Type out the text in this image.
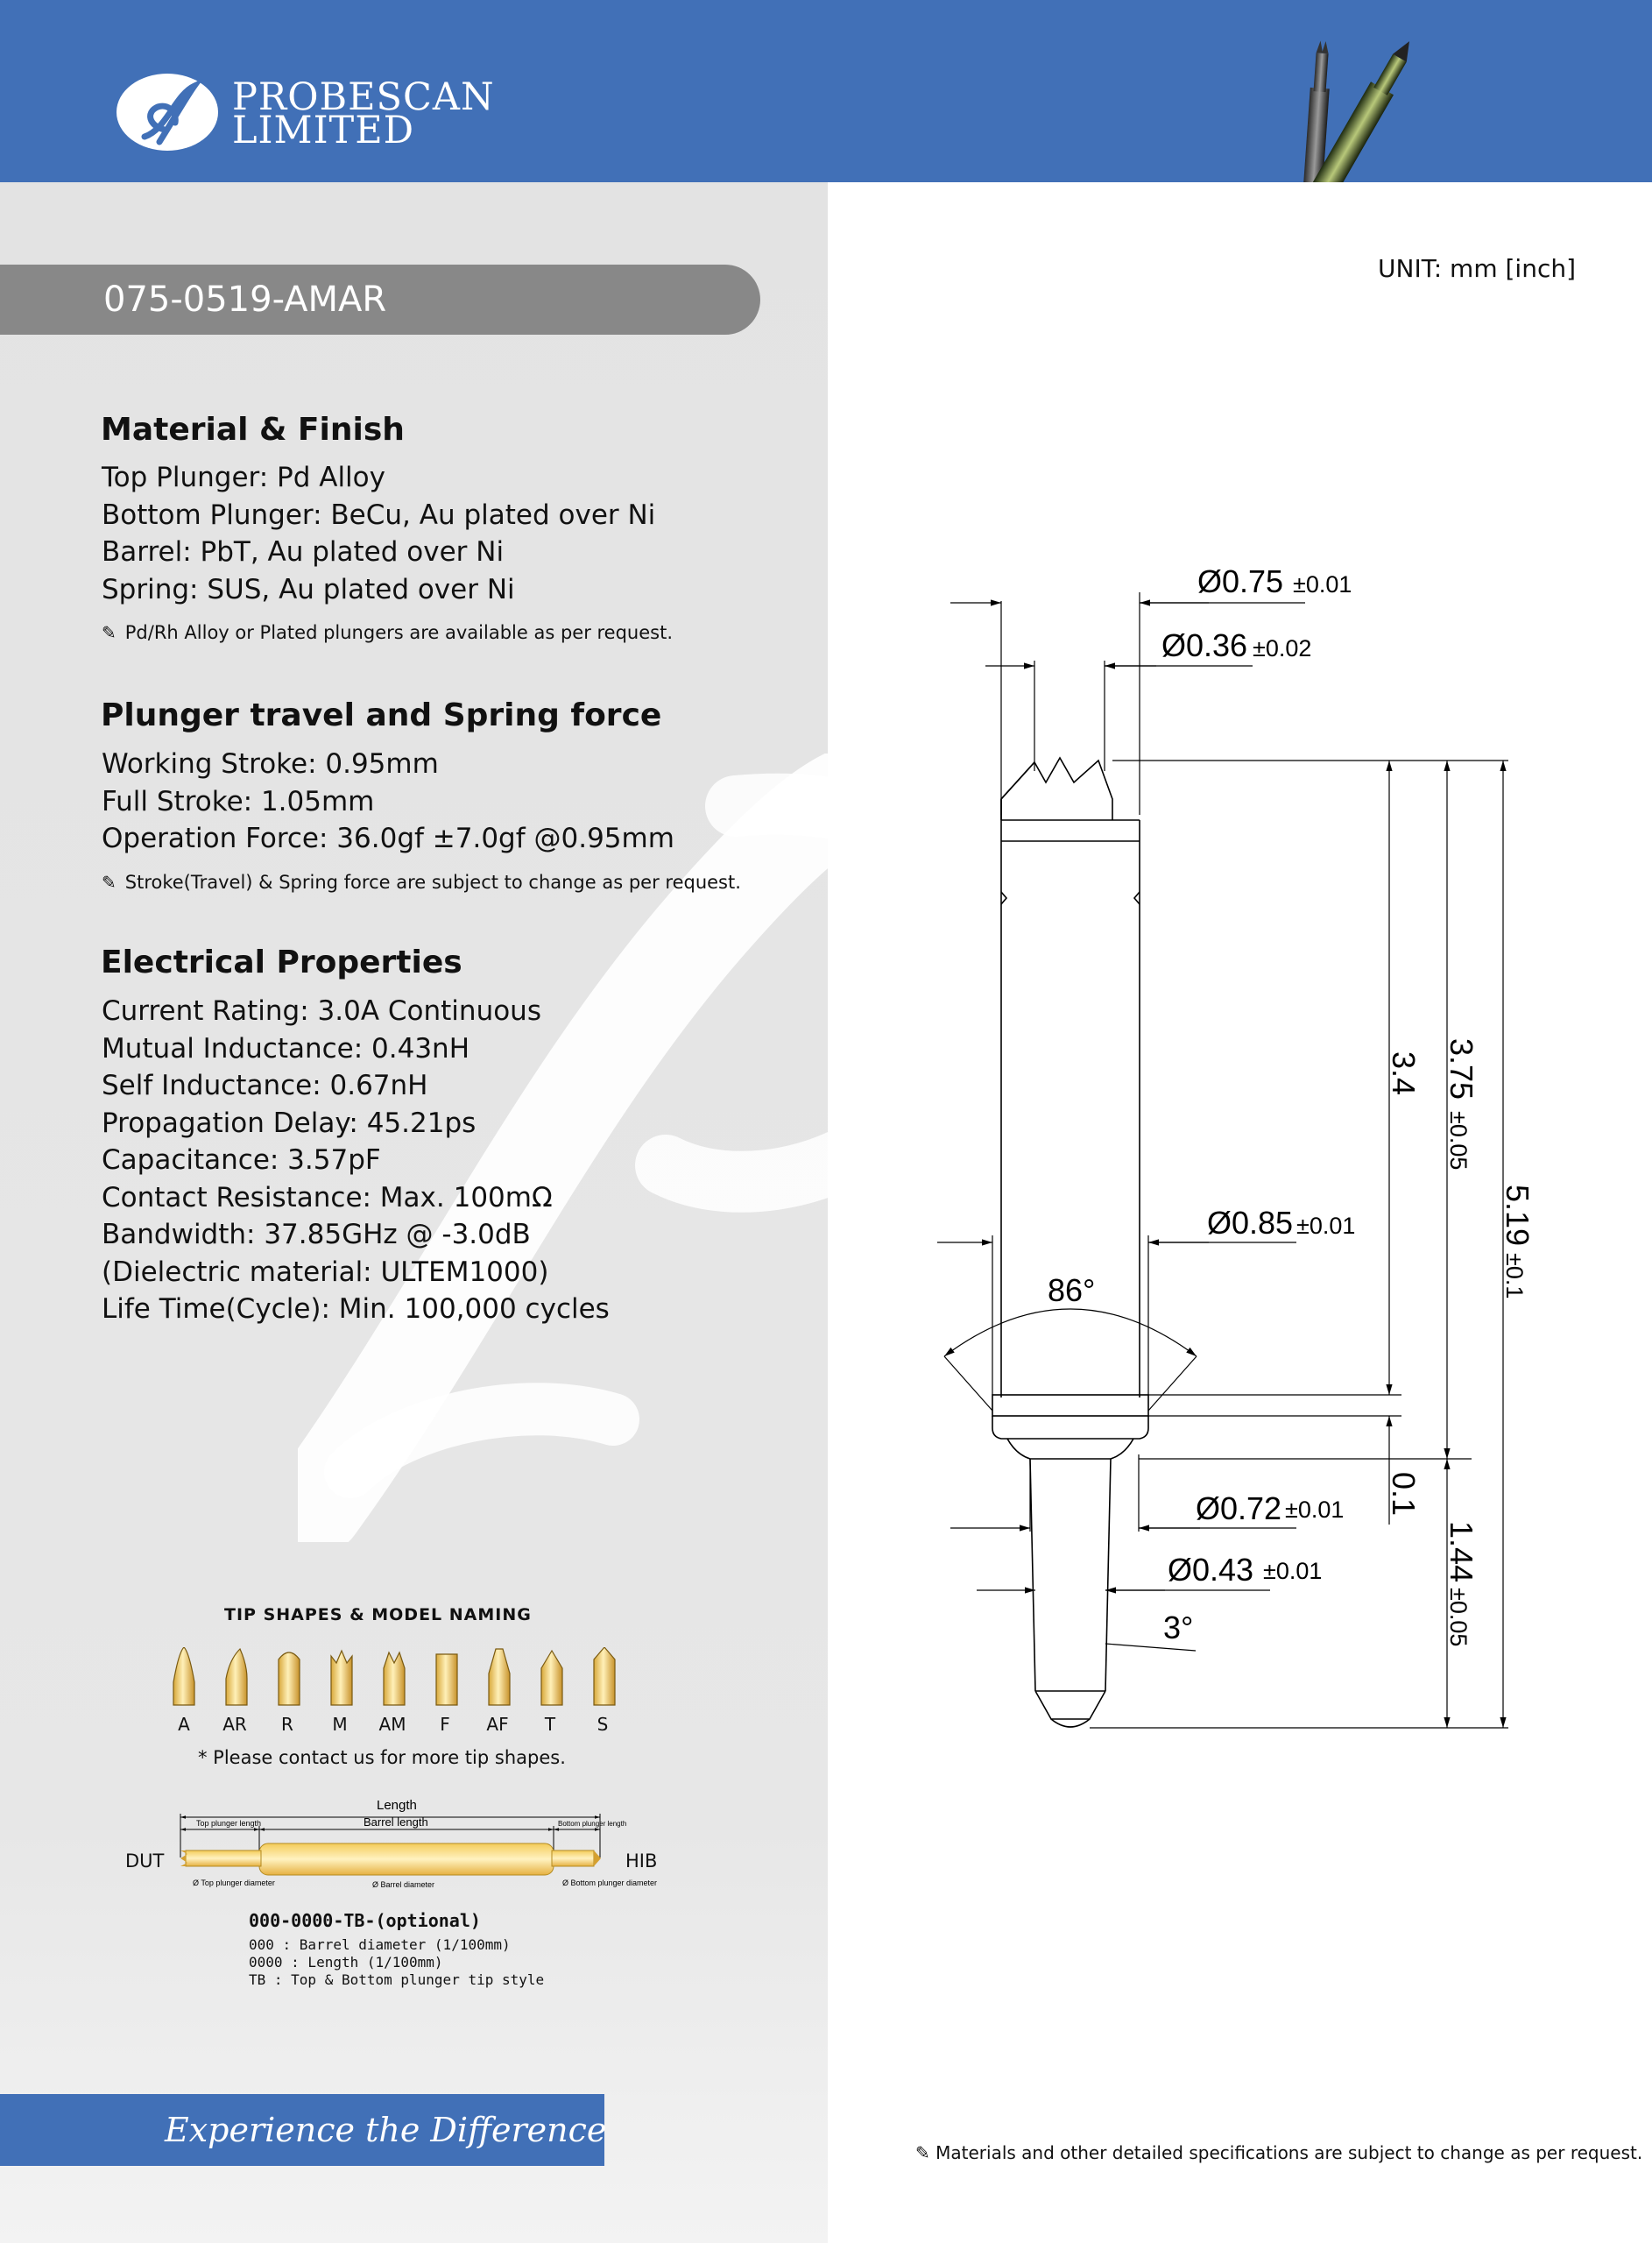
PROBESCAN
LIMITED
075-0519-AMAR
UNIT: mm [inch]
Material & Finish
Top Plunger: Pd Alloy
Bottom Plunger: BeCu, Au plated over Ni
Barrel: PbT, Au plated over Ni
Spring: SUS, Au plated over Ni
✎ Pd/Rh Alloy or Plated plungers are available as per request.
Plunger travel and Spring force
Working Stroke: 0.95mm
Full Stroke: 1.05mm
Operation Force: 36.0gf ±7.0gf @0.95mm
✎ Stroke(Travel) & Spring force are subject to change as per request.
Electrical Properties
Current Rating: 3.0A Continuous
Mutual Inductance: 0.43nH
Self Inductance: 0.67nH
Propagation Delay: 45.21ps
Capacitance: 3.57pF
Contact Resistance: Max. 100mΩ
Bandwidth: 37.85GHz @ -3.0dB
(Dielectric material: ULTEM1000)
Life Time(Cycle): Min. 100,000 cycles
Ø0.75 ±0.01
Ø0.36 ±0.02
Ø0.85 ±0.01
Ø0.72 ±0.01
Ø0.43 ±0.01
86°
3°
3.4 3.75
±0.05
5.19
±0.1
0.1
1.44
±0.05
TIP SHAPES & MODEL NAMING
A	AR	R	M	AM	F	AF	T	S
* Please contact us for more tip shapes.
Length
Barrel length
Top plunger length	Bottom plunger length
Ø Top plunger diameter	Ø Barrel diameter	Ø Bottom plunger diameter
DUT	HIB
000-0000-TB-(optional)
000 : Barrel diameter (1/100mm)
0000 : Length (1/100mm)
TB : Top & Bottom plunger tip style
Experience the Difference
✎ Materials and other detailed specifications are subject to change as per request.
